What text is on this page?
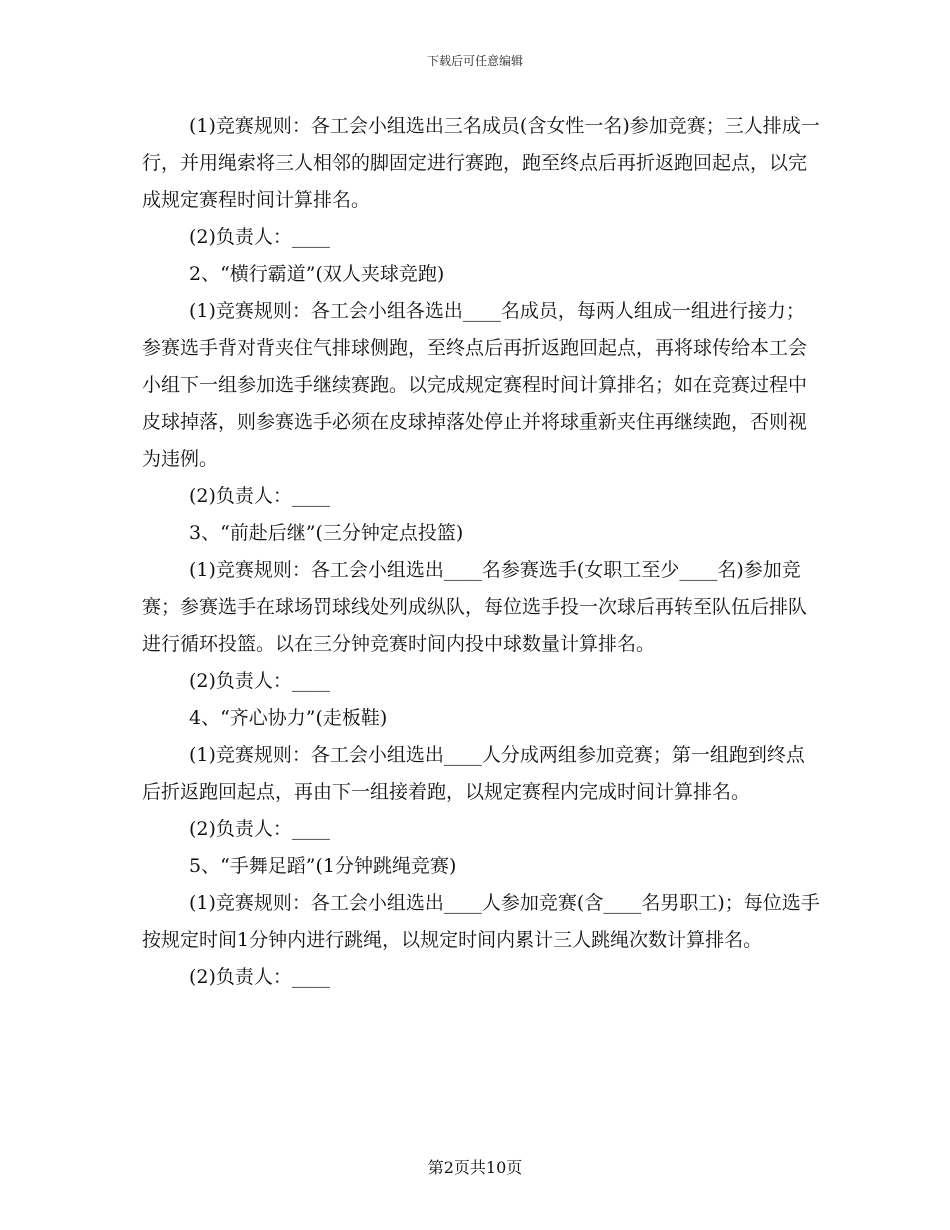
下载后可任意编辑

(1)竞赛规则：各工会小组选出三名成员(含女性一名)参加竞赛；三人排成一行，并用绳索将三人相邻的脚固定进行赛跑，跑至终点后再折返跑回起点，以完成规定赛程时间计算排名。

(2)负责人：____

2、“横行霸道”(双人夹球竞跑)

(1)竞赛规则：各工会小组各选出____名成员，每两人组成一组进行接力；参赛选手背对背夹住气排球侧跑，至终点后再折返跑回起点，再将球传给本工会小组下一组参加选手继续赛跑。以完成规定赛程时间计算排名；如在竞赛过程中皮球掉落，则参赛选手必须在皮球掉落处停止并将球重新夹住再继续跑，否则视为违例。

(2)负责人：____

3、“前赴后继”(三分钟定点投篮)

(1)竞赛规则：各工会小组选出____名参赛选手(女职工至少____名)参加竞赛；参赛选手在球场罚球线处列成纵队，每位选手投一次球后再转至队伍后排队进行循环投篮。以在三分钟竞赛时间内投中球数量计算排名。

(2)负责人：____

4、“齐心协力”(走板鞋)

(1)竞赛规则：各工会小组选出____人分成两组参加竞赛；第一组跑到终点后折返跑回起点，再由下一组接着跑，以规定赛程内完成时间计算排名。

(2)负责人：____

5、“手舞足蹈”(1分钟跳绳竞赛)

(1)竞赛规则：各工会小组选出____人参加竞赛(含____名男职工)；每位选手按规定时间1分钟内进行跳绳，以规定时间内累计三人跳绳次数计算排名。

(2)负责人：____

第2页共10页
